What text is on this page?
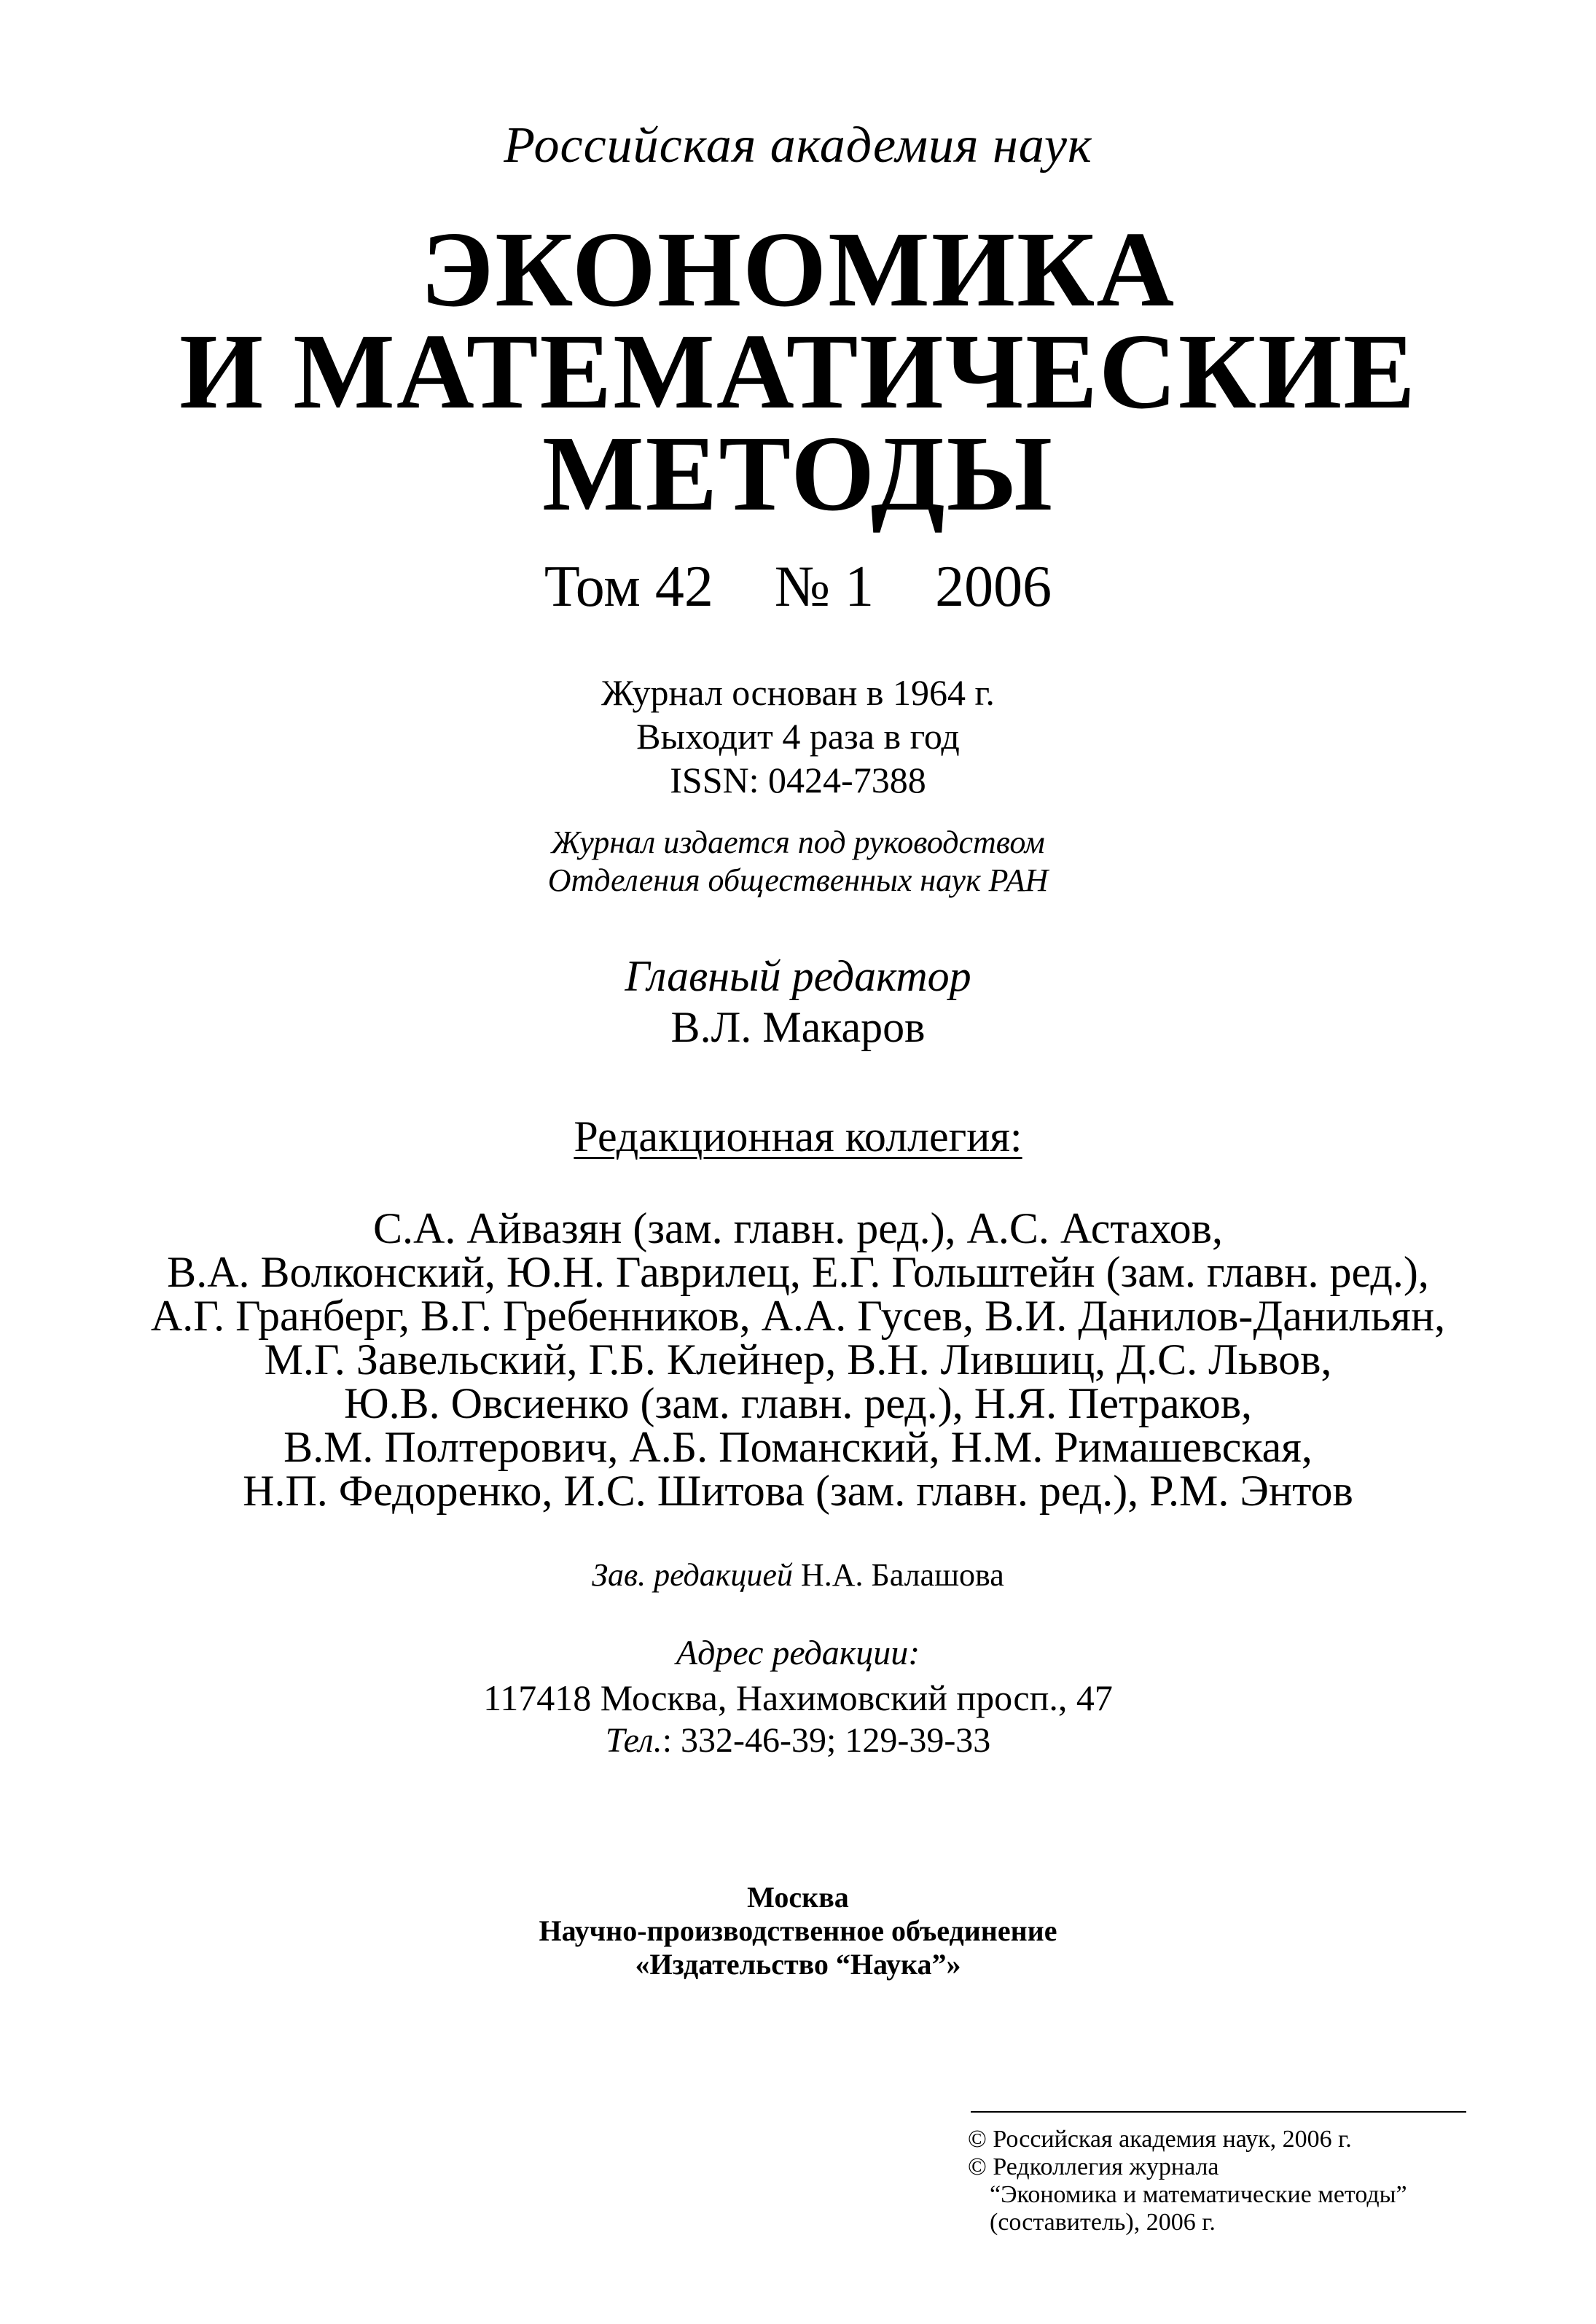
Российская академия наук
ЭКОНОМИКА
И МАТЕМАТИЧЕСКИЕ
МЕТОДЫ
Том 42 № 1 2006
Журнал основан в 1964 г.
Выходит 4 раза в год
ISSN: 0424-7388
Журнал издается под руководством
Отделения общественных наук РАН
Главный редактор
В.Л. Макаров
Редакционная коллегия:
С.А. Айвазян (зам. главн. ред.), А.С. Астахов,
В.А. Волконский, Ю.Н. Гаврилец, Е.Г. Гольштейн (зам. главн. ред.),
А.Г. Гранберг, В.Г. Гребенников, А.А. Гусев, В.И. Данилов-Данильян,
М.Г. Завельский, Г.Б. Клейнер, В.Н. Лившиц, Д.С. Львов,
Ю.В. Овсиенко (зам. главн. ред.), Н.Я. Петраков,
В.М. Полтерович, А.Б. Поманский, Н.М. Римашевская,
Н.П. Федоренко, И.С. Шитова (зам. главн. ред.), Р.М. Энтов
Зав. редакцией Н.А. Балашова
Адрес редакции:
117418 Москва, Нахимовский просп., 47
Тел.: 332-46-39; 129-39-33
Москва
Научно-производственное объединение
«Издательство “Наука”»
© Российская академия наук, 2006 г.
© Редколлегия журнала
“Экономика и математические методы”
(составитель), 2006 г.
